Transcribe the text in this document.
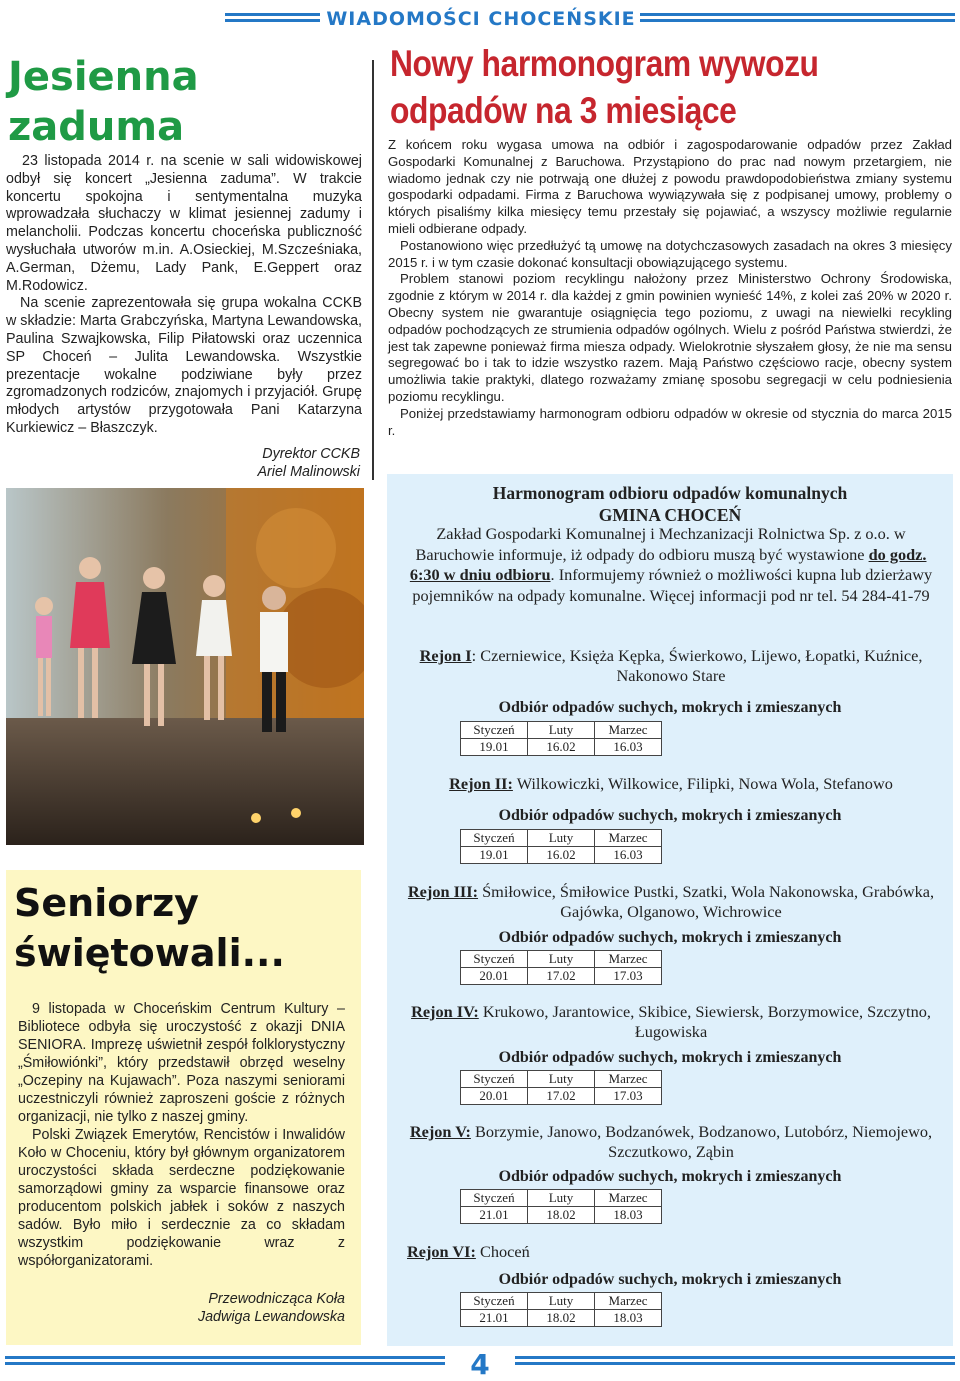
WIADOMOŚCI CHOCEŃSKIE
Jesienna
zaduma

23 listopada 2014 r. na scenie w sali widowiskowej odbył się koncert „Jesienna zaduma”. W trakcie koncertu spokojna i sentymentalna muzyka wprowadzała słuchaczy w klimat jesiennej zadumy i melancholii. Podczas koncertu choceńska publiczność wysłuchała utworów m.in. A.Osieckiej, M.Szcześniaka, A.German, Dżemu, Lady Pank, E.Geppert oraz M.Rodowicz.

Na scenie zaprezentowała się grupa wokalna CCKB w składzie: Marta Grabczyńska, Martyna Lewandowska, Paulina Szwajkowska, Filip Piłatowski oraz uczennica SP Choceń – Julita Lewandowska. Wszystkie prezentacje wokalne podziwiane były przez zgromadzonych rodziców, znajomych i przyjaciół. Grupę młodych artystów przygotowała Pani Katarzyna Kurkiewicz – Błaszczyk.

Dyrektor CCKB
Ariel Malinowski
Seniorzy
świętowali...

9 listopada w Choceńskim Centrum Kultury – Bibliotece odbyła się uroczystość z okazji DNIA SENIORA. Imprezę uświetnił zespół folklorystyczny „Śmiłowiónki”, który przedstawił obrzęd weselny „Oczepiny na Kujawach”. Poza naszymi seniorami uczestniczyli również zaproszeni goście z różnych organizacji, nie tylko z naszej gminy.

Polski Związek Emerytów, Rencistów i Inwalidów Koło w Choceniu, który był głównym organizatorem uroczystości składa serdeczne podziękowanie samorządowi gminy za wsparcie finansowe oraz producentom polskich jabłek i soków z naszych sadów. Było miło i serdecznie za co składam wszystkim podziękowanie wraz z współorganizatorami.

Przewodnicząca Koła
Jadwiga Lewandowska
Nowy harmonogram wywozu
odpadów na 3 miesiące

Z końcem roku wygasa umowa na odbiór i zagospodarowanie odpadów przez Zakład Gospodarki Komunalnej z Baruchowa. Przystąpiono do prac nad nowym przetargiem, nie wiadomo jednak czy nie potrwają one dłużej z powodu prawdopodobieństwa zmiany systemu gospodarki odpadami. Firma z Baruchowa wywiązywała się z podpisanej umowy, problemy o których pisaliśmy kilka miesięcy temu przestały się pojawiać, a wszyscy możliwie regularnie mieli odbierane odpady.

Postanowiono więc przedłużyć tą umowę na dotychczasowych zasadach na okres 3 miesięcy 2015 r. i w tym czasie dokonać konsultacji obowiązującego systemu.

Problem stanowi poziom recyklingu nałożony przez Ministerstwo Ochrony Środowiska, zgodnie z którym w 2014 r. dla każdej z gmin powinien wynieść 14%, z kolei zaś 20% w 2020 r. Obecny system nie gwarantuje osiągnięcia tego poziomu, z uwagi na niewielki recykling odpadów pochodzących ze strumienia odpadów ogólnych. Wielu z pośród Państwa stwierdzi, że jest tak zapewne ponieważ firma miesza odpady. Wielokrotnie słyszałem głosy, że nie ma sensu segregować bo i tak to idzie wszystko razem. Mają Państwo częściowo racje, obecny system umożliwia takie praktyki, dlatego rozważamy zmianę sposobu segregacji w celu podniesienia poziomu recyklingu.

Poniżej przedstawiamy harmonogram odbioru odpadów w okresie od stycznia do marca 2015 r.

Harmonogram odbioru odpadów komunalnych
GMINA CHOCEŃ
Zakład Gospodarki Komunalnej i Mechzanizacji Rolnictwa Sp. z o.o. w Baruchowie informuje, iż odpady do odbioru muszą być wystawione do godz. 6:30 w dniu odbioru. Informujemy również o możliwości kupna lub dzierżawy pojemników na odpady komunalne. Więcej informacji pod nr tel. 54 284-41-79
Rejon I: Czerniewice, Księża Kępka, Świerkowo, Lijewo, Łopatki, Kuźnice, Nakonowo Stare
Odbiór odpadów suchych, mokrych i zmieszanych
Styczeń	Luty	Marzec
19.01	16.02	16.03
Rejon II: Wilkowiczki, Wilkowice, Filipki, Nowa Wola, Stefanowo
Odbiór odpadów suchych, mokrych i zmieszanych
Styczeń	Luty	Marzec
19.01	16.02	16.03
Rejon III: Śmiłowice, Śmiłowice Pustki, Szatki, Wola Nakonowska, Grabówka, Gajówka, Olganowo, Wichrowice
Odbiór odpadów suchych, mokrych i zmieszanych
Styczeń	Luty	Marzec
20.01	17.02	17.03
Rejon IV: Krukowo, Jarantowice, Skibice, Siewiersk, Borzymowice, Szczytno, Ługowiska
Odbiór odpadów suchych, mokrych i zmieszanych
Styczeń	Luty	Marzec
20.01	17.02	17.03
Rejon V: Borzymie, Janowo, Bodzanówek, Bodzanowo, Lutobórz, Niemojewo, Szczutkowo, Ząbin
Odbiór odpadów suchych, mokrych i zmieszanych
Styczeń	Luty	Marzec
21.01	18.02	18.03
Rejon VI: Choceń
Odbiór odpadów suchych, mokrych i zmieszanych
Styczeń	Luty	Marzec
21.01	18.02	18.03
4
